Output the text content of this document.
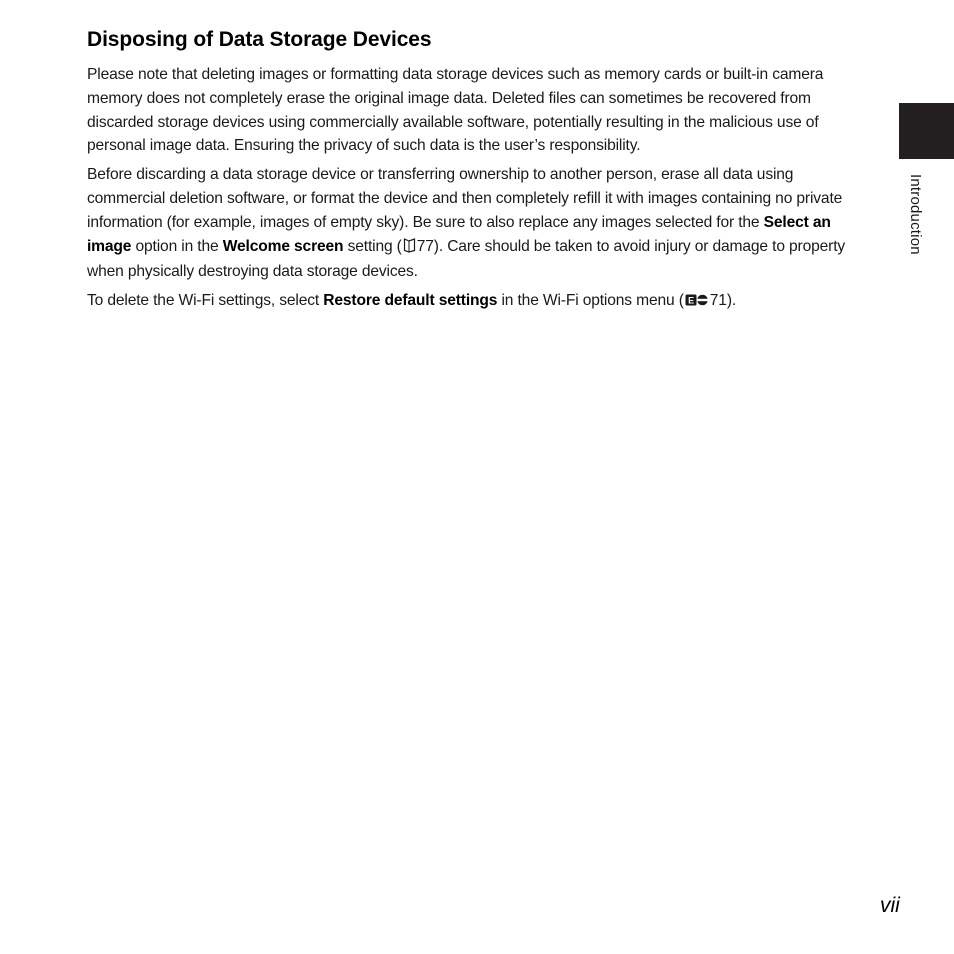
Introduction
Disposing of Data Storage Devices

Please note that deleting images or formatting data storage devices such as memory cards or built-in camera memory does not completely erase the original image data. Deleted files can sometimes be recovered from discarded storage devices using commercially available software, potentially resulting in the malicious use of personal image data. Ensuring the privacy of such data is the user’s responsibility.

Before discarding a data storage device or transferring ownership to another person, erase all data using commercial deletion software, or format the device and then completely refill it with images containing no private information (for example, images of empty sky). Be sure to also replace any images selected for the Select an image option in the Welcome screen setting ( 77). Care should be taken to avoid injury or damage to property when physically destroying data storage devices.

To delete the Wi-Fi settings, select Restore default settings in the Wi-Fi options menu ( E 71).

vii
